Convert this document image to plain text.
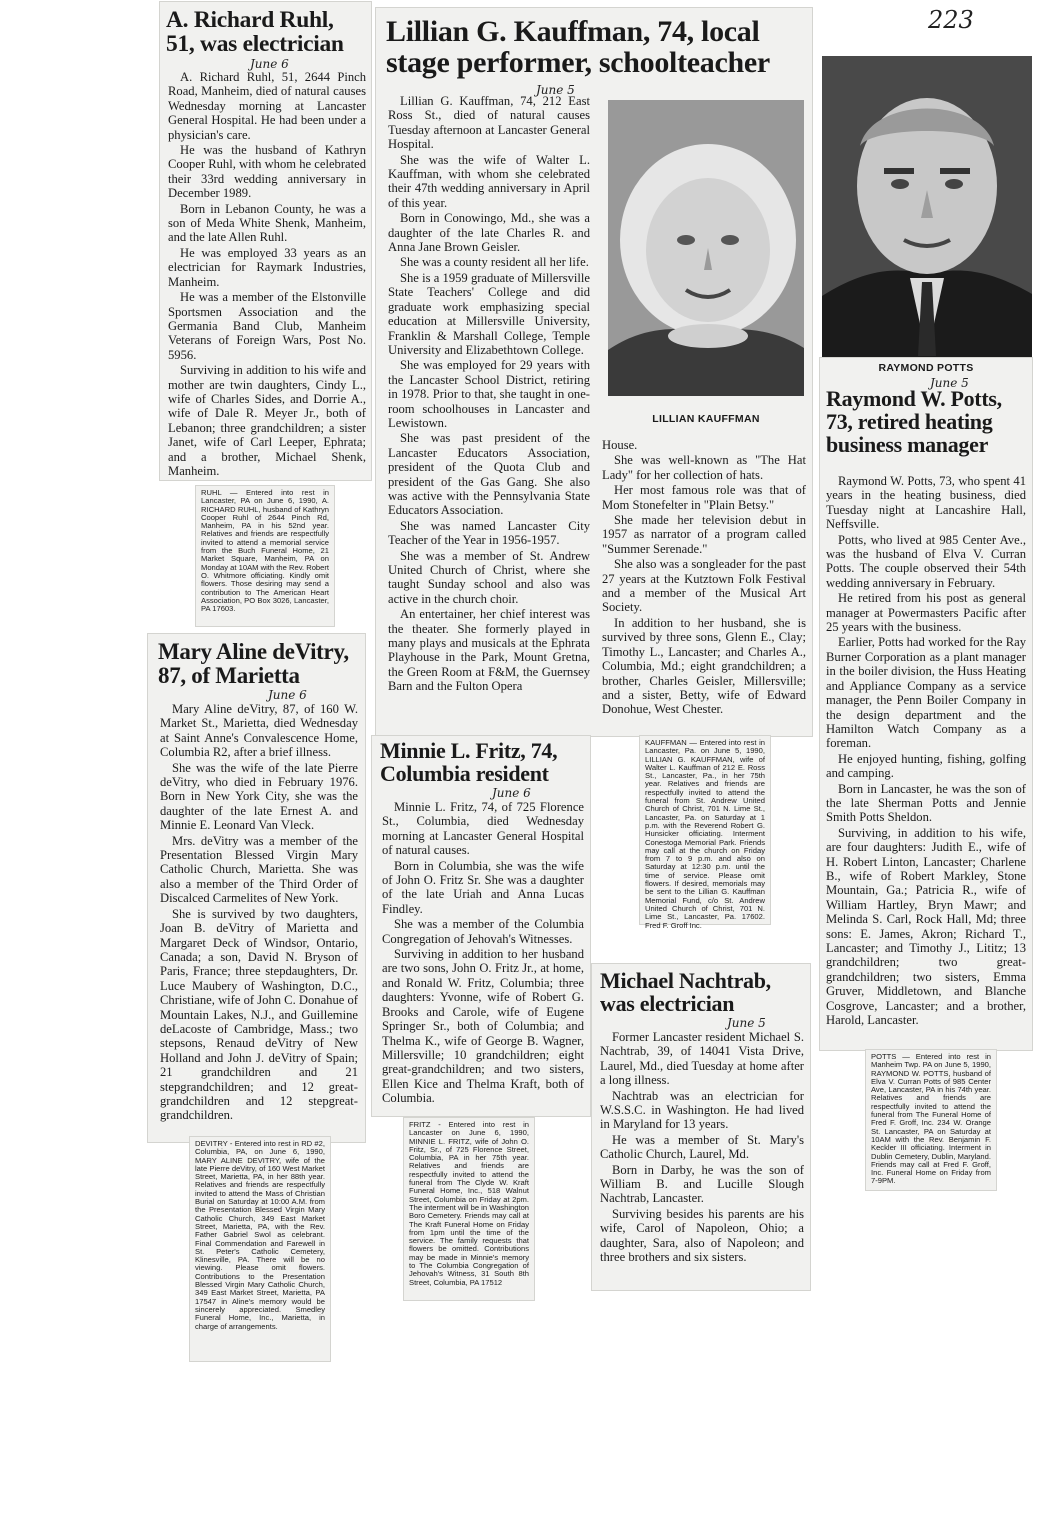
223
A. Richard Ruhl, 51, was electrician
June 6

A. Richard Ruhl, 51, 2644 Pinch Road, Manheim, died of natural causes Wednesday morning at Lancaster General Hospital. He had been under a physician's care.

He was the husband of Kathryn Cooper Ruhl, with whom he celebrated their 33rd wedding anniversary in December 1989.

Born in Lebanon County, he was a son of Meda White Shenk, Manheim, and the late Allen Ruhl.

He was employed 33 years as an electrician for Raymark Industries, Manheim.

He was a member of the Elstonville Sportsmen Association and the Germania Band Club, Manheim Veterans of Foreign Wars, Post No. 5956.

Surviving in addition to his wife and mother are twin daughters, Cindy L., wife of Charles Sides, and Dorrie A., wife of Dale R. Meyer Jr., both of Lebanon; three grandchildren; a sister Janet, wife of Carl Leeper, Ephrata; and a brother, Michael Shenk, Manheim.

RUHL — Entered into rest in Lancaster, PA on June 6, 1990, A. RICHARD RUHL, husband of Kathryn Cooper Ruhl of 2644 Pinch Rd, Manheim, PA in his 52nd year. Relatives and friends are respectfully invited to attend a memorial service from the Buch Funeral Home, 21 Market Square, Manheim, PA on Monday at 10AM with the Rev. Robert O. Whitmore officiating. Kindly omit flowers. Those desiring may send a contribution to The American Heart Association, PO Box 3026, Lancaster, PA 17603.
Mary Aline deVitry, 87, of Marietta
June 6

Mary Aline deVitry, 87, of 160 W. Market St., Marietta, died Wednesday at Saint Anne's Convalescence Home, Columbia R2, after a brief illness.

She was the wife of the late Pierre deVitry, who died in February 1976. Born in New York City, she was the daughter of the late Ernest A. and Minnie E. Leonard Van Vleck.

Mrs. deVitry was a member of the Presentation Blessed Virgin Mary Catholic Church, Marietta. She was also a member of the Third Order of Discalced Carmelites of New York.

She is survived by two daughters, Joan B. deVitry of Marietta and Margaret Deck of Windsor, Ontario, Canada; a son, David N. Bryson of Paris, France; three stepdaughters, Dr. Luce Maubery of Washington, D.C., Christiane, wife of John C. Donahue of Mountain Lakes, N.J., and Guillemine deLacoste of Cambridge, Mass.; two stepsons, Renaud deVitry of New Holland and John J. deVitry of Spain; 21 grandchildren and 21 stepgrandchildren; and 12 great-grandchildren and 12 stepgreat-grandchildren.

DEVITRY - Entered into rest in RD #2, Columbia, PA, on June 6, 1990, MARY ALINE DEVITRY, wife of the late Pierre deVitry, of 160 West Market Street, Marietta, PA, in her 88th year. Relatives and friends are respectfully invited to attend the Mass of Christian Burial on Saturday at 10:00 A.M. from the Presentation Blessed Virgin Mary Catholic Church, 349 East Market Street, Marietta, PA, with the Rev. Father Gabriel Swol as celebrant. Final Commendation and Farewell in St. Peter's Catholic Cemetery, Klinesville, PA. There will be no viewing. Please omit flowers. Contributions to the Presentation Blessed Virgin Mary Catholic Church, 349 East Market Street, Marietta, PA 17547 in Aline's memory would be sincerely appreciated. Smedley Funeral Home, Inc., Marietta, in charge of arrangements.
Lillian G. Kauffman, 74, local stage performer, schoolteacher
June 5

Lillian G. Kauffman, 74, 212 East Ross St., died of natural causes Tuesday afternoon at Lancaster General Hospital.

She was the wife of Walter L. Kauffman, with whom she celebrated their 47th wedding anniversary in April of this year.

Born in Conowingo, Md., she was a daughter of the late Charles R. and Anna Jane Brown Geisler.

She was a county resident all her life.

She is a 1959 graduate of Millersville State Teachers' College and did graduate work emphasizing special education at Millersville University, Franklin & Marshall College, Temple University and Elizabethtown College.

She was employed for 29 years with the Lancaster School District, retiring in 1978. Prior to that, she taught in one-room schoolhouses in Lancaster and Lewistown.

She was past president of the Lancaster Educators Association, president of the Quota Club and president of the Gas Gang. She also was active with the Pennsylvania State Educators Association.

She was named Lancaster City Teacher of the Year in 1956-1957.

She was a member of St. Andrew United Church of Christ, where she taught Sunday school and also was active in the church choir.

An entertainer, her chief interest was the theater. She formerly played in many plays and musicals at the Ephrata Playhouse in the Park, Mount Gretna, the Green Room at F&M, the Guernsey Barn and the Fulton Opera

LILLIAN KAUFFMAN

House.

She was well-known as "The Hat Lady" for her collection of hats.

Her most famous role was that of Mom Stonefelter in "Plain Betsy."

She made her television debut in 1957 as narrator of a program called "Summer Serenade."

She also was a songleader for the past 27 years at the Kutztown Folk Festival and a member of the Musical Art Society.

In addition to her husband, she is survived by three sons, Glenn E., Clay; Timothy L., Lancaster; and Charles A., Columbia, Md.; eight grandchildren; a brother, Charles Geisler, Millersville; and a sister, Betty, wife of Edward Donohue, West Chester.

KAUFFMAN — Entered into rest in Lancaster, Pa. on June 5, 1990, LILLIAN G. KAUFFMAN, wife of Walter L. Kauffman of 212 E. Ross St., Lancaster, Pa., in her 75th year. Relatives and friends are respectfully invited to attend the funeral from St. Andrew United Church of Christ, 701 N. Lime St., Lancaster, Pa. on Saturday at 1 p.m. with the Reverend Robert G. Hunsicker officiating. Interment Conestoga Memorial Park. Friends may call at the church on Friday from 7 to 9 p.m. and also on Saturday at 12:30 p.m. until the time of service. Please omit flowers. If desired, memorials may be sent to the Lillian G. Kauffman Memorial Fund, c/o St. Andrew United Church of Christ, 701 N. Lime St., Lancaster, Pa. 17602. Fred F. Groff Inc.
Minnie L. Fritz, 74, Columbia resident
June 6

Minnie L. Fritz, 74, of 725 Florence St., Columbia, died Wednesday morning at Lancaster General Hospital of natural causes.

Born in Columbia, she was the wife of John O. Fritz Sr. She was a daughter of the late Uriah and Anna Lucas Findley.

She was a member of the Columbia Congregation of Jehovah's Witnesses.

Surviving in addition to her husband are two sons, John O. Fritz Jr., at home, and Ronald W. Fritz, Columbia; three daughters: Yvonne, wife of Robert G. Brooks and Carole, wife of Eugene Springer Sr., both of Columbia; and Thelma K., wife of George B. Wagner, Millersville; 10 grandchildren; eight great-grandchildren; and two sisters, Ellen Kice and Thelma Kraft, both of Columbia.

FRITZ - Entered into rest in Lancaster on June 6, 1990, MINNIE L. FRITZ, wife of John O. Fritz, Sr., of 725 Florence Street, Columbia, PA in her 75th year. Relatives and friends are respectfully invited to attend the funeral from The Clyde W. Kraft Funeral Home, Inc., 518 Walnut Street, Columbia on Friday at 2pm. The interment will be in Washington Boro Cemetery. Friends may call at The Kraft Funeral Home on Friday from 1pm until the time of the service. The family requests that flowers be omitted. Contributions may be made in Minnie's memory to The Columbia Congregation of Jehovah's Witness, 31 South 8th Street, Columbia, PA 17512
Michael Nachtrab, was electrician
June 5

Former Lancaster resident Michael S. Nachtrab, 39, of 14041 Vista Drive, Laurel, Md., died Tuesday at home after a long illness.

Nachtrab was an electrician for W.S.S.C. in Washington. He had lived in Maryland for 13 years.

He was a member of St. Mary's Catholic Church, Laurel, Md.

Born in Darby, he was the son of William B. and Lucille Slough Nachtrab, Lancaster.

Surviving besides his parents are his wife, Carol of Napoleon, Ohio; a daughter, Sara, also of Napoleon; and three brothers and six sisters.

RAYMOND POTTS
June 5
Raymond W. Potts, 73, retired heating business manager

Raymond W. Potts, 73, who spent 41 years in the heating business, died Tuesday night at Lancashire Hall, Neffsville.

Potts, who lived at 985 Center Ave., was the husband of Elva V. Curran Potts. The couple observed their 54th wedding anniversary in February.

He retired from his post as general manager at Powermasters Pacific after 25 years with the business.

Earlier, Potts had worked for the Ray Burner Corporation as a plant manager in the boiler division, the Huss Heating and Appliance Company as a service manager, the Penn Boiler Company in the design department and the Hamilton Watch Company as a foreman.

He enjoyed hunting, fishing, golfing and camping.

Born in Lancaster, he was the son of the late Sherman Potts and Jennie Smith Potts Sheldon.

Surviving, in addition to his wife, are four daughters: Judith E., wife of H. Robert Linton, Lancaster; Charlene B., wife of Robert Markley, Stone Mountain, Ga.; Patricia R., wife of William Hartley, Bryn Mawr; and Melinda S. Carl, Rock Hall, Md; three sons: E. James, Akron; Richard T., Lancaster; and Timothy J., Lititz; 13 grandchildren; two great-grandchildren; two sisters, Emma Gruver, Middletown, and Blanche Cosgrove, Lancaster; and a brother, Harold, Lancaster.

POTTS — Entered into rest in Manheim Twp. PA on June 5, 1990, RAYMOND W. POTTS, husband of Elva V. Curran Potts of 985 Center Ave, Lancaster, PA in his 74th year. Relatives and friends are respectfully invited to attend the funeral from The Funeral Home of Fred F. Groff, Inc. 234 W. Orange St. Lancaster, PA on Saturday at 10AM with the Rev. Benjamin F. Keckler III officiating. Interment in Dublin Cemetery, Dublin, Maryland. Friends may call at Fred F. Groff, Inc. Funeral Home on Friday from 7-9PM.
